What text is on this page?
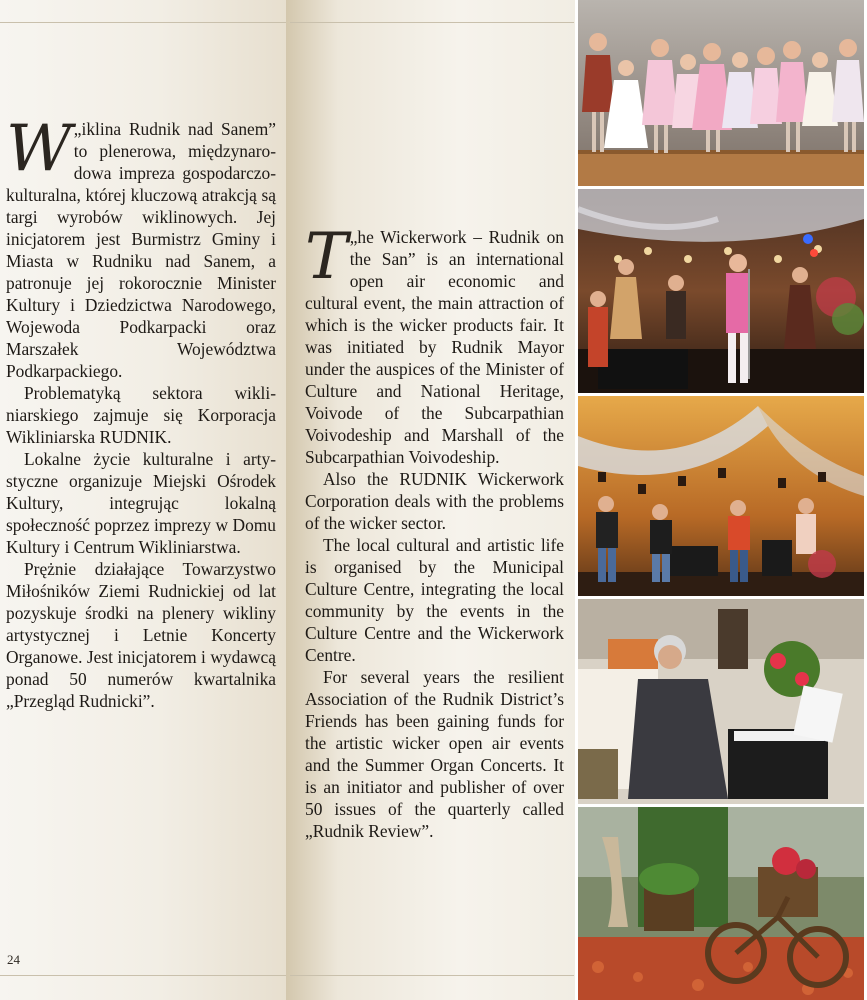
„
W iklina Rudnik nad Sanem” to plenerowa, międzynarodowa impreza gospodarczo-kulturalna, której kluczową atrakcją są targi wyrobów wiklinowych. Jej inicjatorem jest Burmistrz Gminy i Miasta w Rudniku nad Sanem, a patronuje jej rokorocznie Minister Kultury i Dziedzictwa Narodowego, Wojewoda Podkarpacki oraz Marszałek Województwa Podkarpackiego.

Problematyką sektora wikliniarskiego zajmuje się Korporacja Wikliniarska RUDNIK.

Lokalne życie kulturalne i artystyczne organizuje Miejski Ośrodek Kultury, integrując lokalną społeczność poprzez imprezy w Domu Kultury i Centrum Wikliniarstwa.

Prężnie działające Towarzystwo Miłośników Ziemi Rudnickiej od lat pozyskuje środki na plenery wikliny artystycznej i Letnie Koncerty Organowe. Jest inicjatorem i wydawcą ponad 50 numerów kwartalnika „Przegląd Rudnicki”.

„
T he Wickerwork – Rudnik on the San” is an international open air economic and cultural event, the main attraction of which is the wicker products fair. It was initiated by Rudnik Mayor under the auspices of the Minister of Culture and National Heritage, Voivode of the Subcarpathian Voivodeship and Marshall of the Subcarpathian Voivodeship.

Also the RUDNIK Wickerwork Corporation deals with the problems of the wicker sector.

The local cultural and artistic life is organised by the Municipal Culture Centre, integrating the local community by the events in the Culture Centre and the Wickerwork Centre.

For several years the resilient Association of the Rudnik District’s Friends has been gaining funds for the artistic wicker open air events and the Summer Organ Concerts. It is an initiator and publisher of over 50 issues of the quarterly called „Rudnik Review”.

24
